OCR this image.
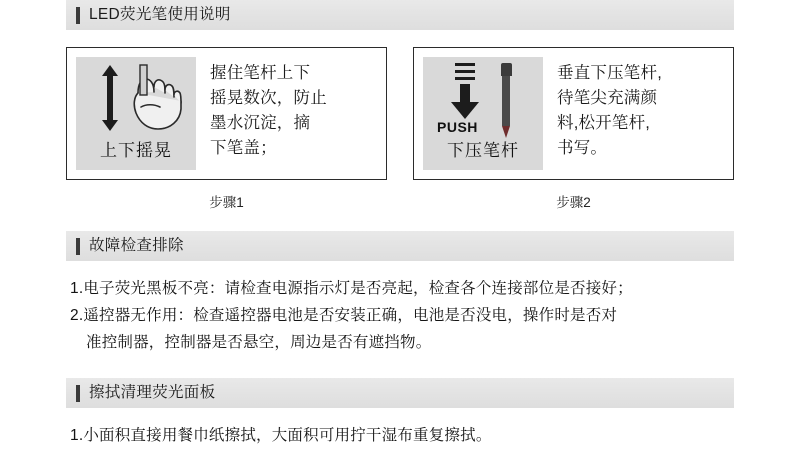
LED荧光笔使用说明
上下摇晃
握住笔杆上下
摇晃数次，防止
墨水沉淀，摘
下笔盖；
步骤1
PUSH
下压笔杆
垂直下压笔杆,
待笔尖充满颜
料,松开笔杆,
书写。
步骤2
故障检查排除
1.电子荧光黑板不亮：请检查电源指示灯是否亮起，检查各个连接部位是否接好；
2.遥控器无作用：检查遥控器电池是否安装正确，电池是否没电，操作时是否对
准控制器，控制器是否悬空，周边是否有遮挡物。
擦拭清理荧光面板
1.小面积直接用餐巾纸擦拭，大面积可用拧干湿布重复擦拭。
